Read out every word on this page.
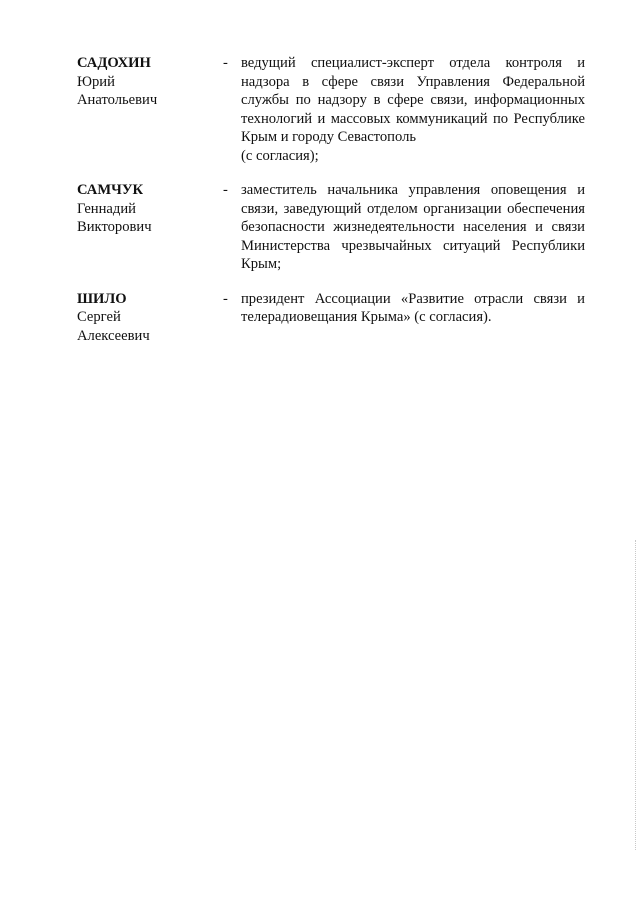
САДОХИН
Юрий
Анатольевич
- ведущий специалист-эксперт отдела контроля и надзора в сфере связи Управления Федеральной службы по надзору в сфере связи, информационных технологий и массовых коммуникаций по Республике Крым и городу Севастополь
(с согласия);
САМЧУК
Геннадий
Викторович
- заместитель начальника управления оповещения и связи, заведующий отделом организации обеспечения безопасности жизнедеятельности населения и связи Министерства чрезвычайных ситуаций Республики Крым;
ШИЛО
Сергей
Алексеевич
- президент Ассоциации «Развитие отрасли связи и телерадиовещания Крыма» (с согласия).
